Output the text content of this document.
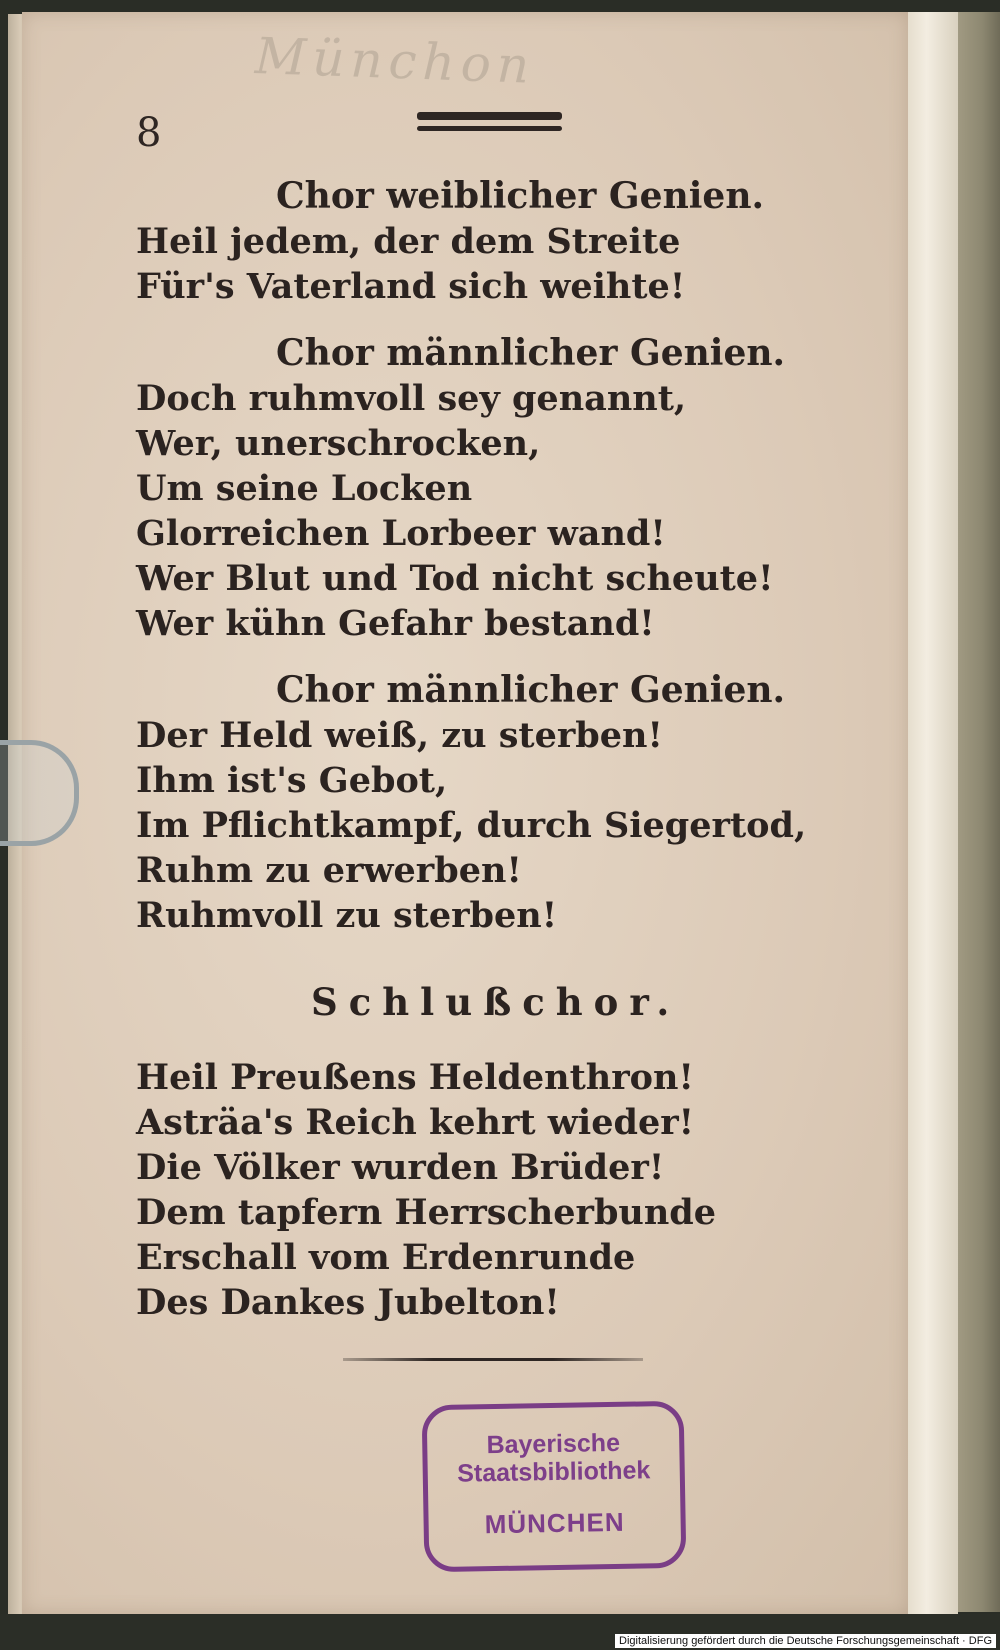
Münchon
8
Chor weiblicher Genien.
Heil jedem, der dem Streite
Für's Vaterland sich weihte!
Chor männlicher Genien.
Doch ruhmvoll sey genannt,
Wer, unerschrocken,
Um seine Locken
Glorreichen Lorbeer wand!
Wer Blut und Tod nicht scheute!
Wer kühn Gefahr bestand!
Chor männlicher Genien.
Der Held weiß, zu sterben!
Ihm ist's Gebot,
Im Pflichtkampf, durch Siegertod,
Ruhm zu erwerben!
Ruhmvoll zu sterben!
Schlußchor.
Heil Preußens Heldenthron!
Asträa's Reich kehrt wieder!
Die Völker wurden Brüder!
Dem tapfern Herrscherbunde
Erschall vom Erdenrunde
Des Dankes Jubelton!
Bayerische
Staatsbibliothek
MÜNCHEN
Digitalisierung gefördert durch die Deutsche Forschungsgemeinschaft · DFG
